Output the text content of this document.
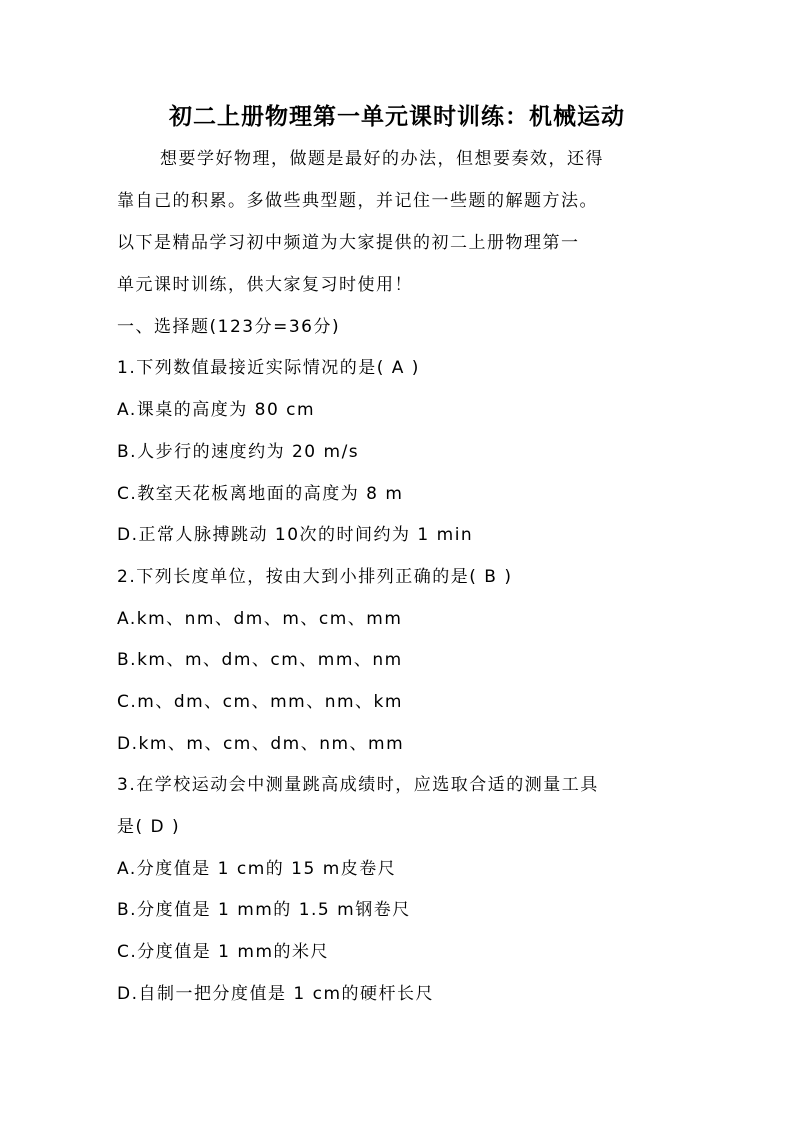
初二上册物理第一单元课时训练：机械运动
想要学好物理，做题是最好的办法，但想要奏效，还得
靠自己的积累。多做些典型题，并记住一些题的解题方法。
以下是精品学习初中频道为大家提供的初二上册物理第一
单元课时训练，供大家复习时使用！
一、选择题(123分=36分)
1.下列数值最接近实际情况的是( A )
A.课桌的高度为 80 cm
B.人步行的速度约为 20 m/s
C.教室天花板离地面的高度为 8 m
D.正常人脉搏跳动 10次的时间约为 1 min
2.下列长度单位，按由大到小排列正确的是( B )
A.km、nm、dm、m、cm、mm
B.km、m、dm、cm、mm、nm
C.m、dm、cm、mm、nm、km
D.km、m、cm、dm、nm、mm
3.在学校运动会中测量跳高成绩时，应选取合适的测量工具
是( D )
A.分度值是 1 cm的 15 m皮卷尺
B.分度值是 1 mm的 1.5 m钢卷尺
C.分度值是 1 mm的米尺
D.自制一把分度值是 1 cm的硬杆长尺
